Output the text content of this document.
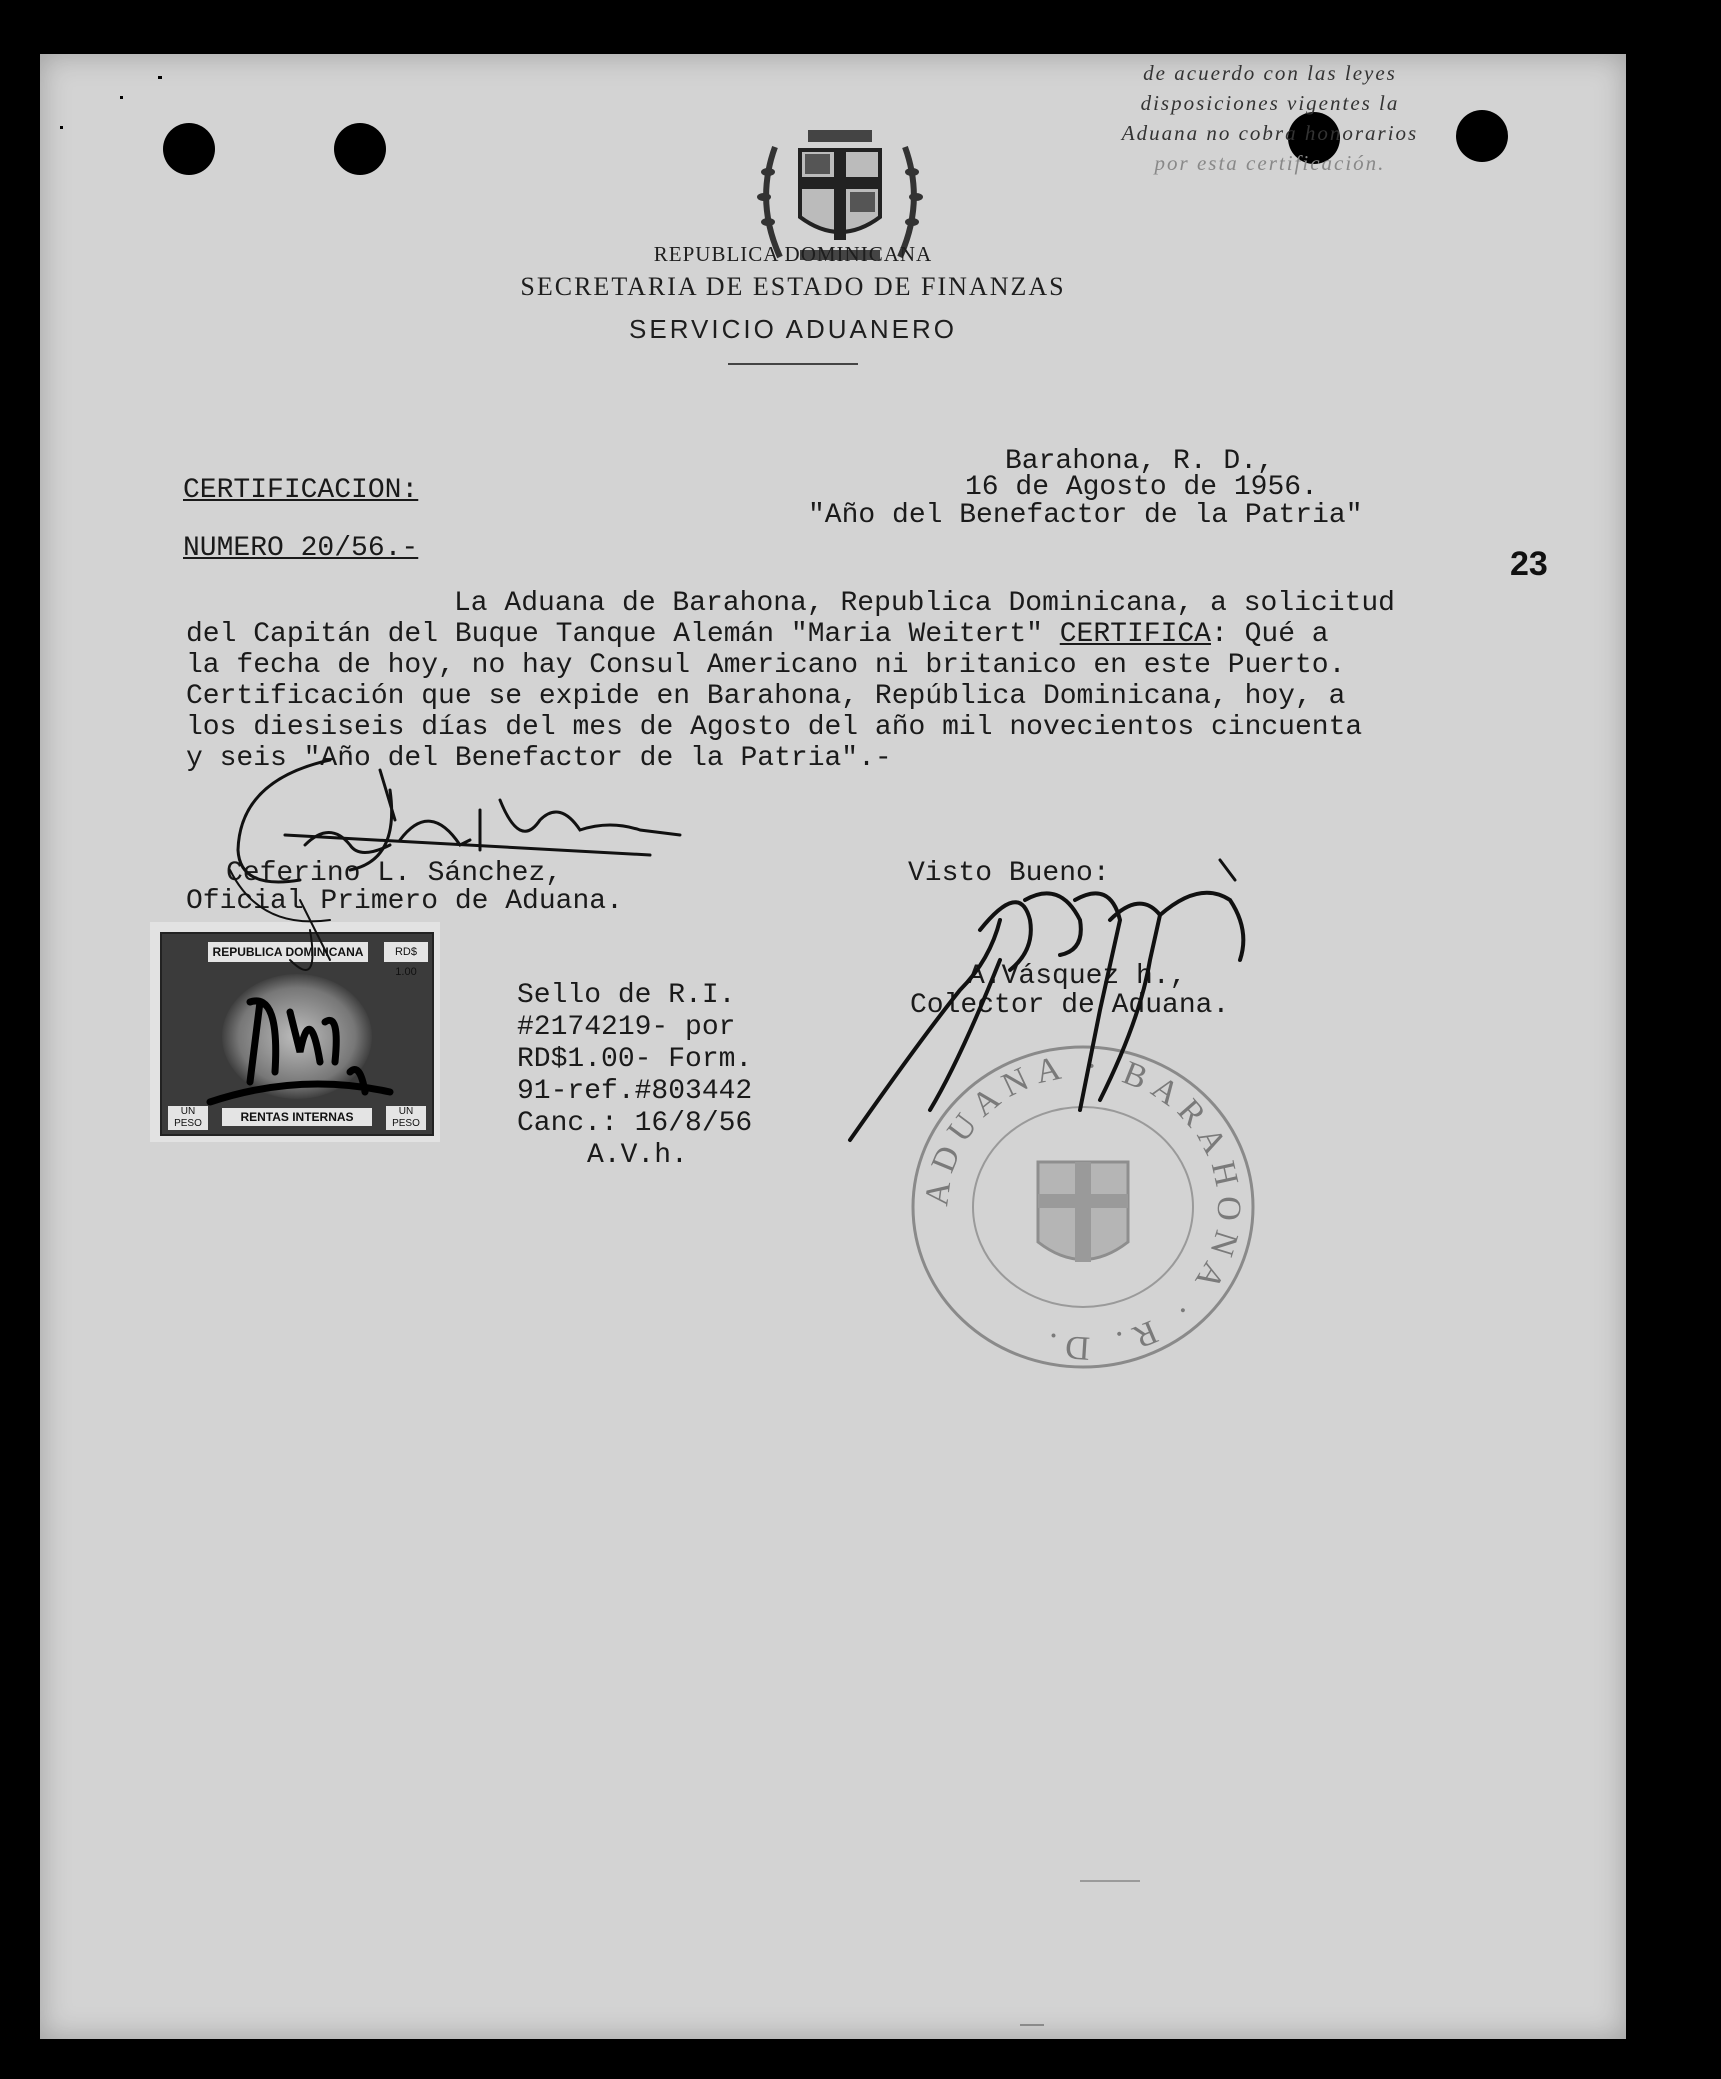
de acuerdo con las leyes
disposiciones vigentes la
Aduana no cobra honorarios
por esta certificación.
REPUBLICA DOMINICANA
SECRETARIA DE ESTADO DE FINANZAS
SERVICIO ADUANERO
Barahona, R. D.,
16 de Agosto de 1956.
"Año del Benefactor de la Patria"
CERTIFICACION:
NUMERO 20/56.-	23
La Aduana de Barahona, Republica Dominicana, a solicitud
del Capitán del Buque Tanque Alemán "Maria Weitert" CERTIFICA: Qué a
la fecha de hoy, no hay Consul Americano ni britanico en este Puerto.
Certificación que se expide en Barahona, República Dominicana, hoy, a
los diesiseis días del mes de Agosto del año mil novecientos cincuenta
y seis "Año del Benefactor de la Patria".-
Ceferino L. Sánchez,
Oficial Primero de Aduana.
Visto Bueno:
A.Vásquez h.,
Colector de Aduana.
REPUBLICA DOMINICANA	RD$ 1.00
UN PESO
UN PESO
RENTAS INTERNAS
Sello de R.I.
#2174219- por
RD$1.00- Form.
91-ref.#803442
Canc.: 16/8/56
A.V.h.
ADUANA · BARAHONA · R. D.
